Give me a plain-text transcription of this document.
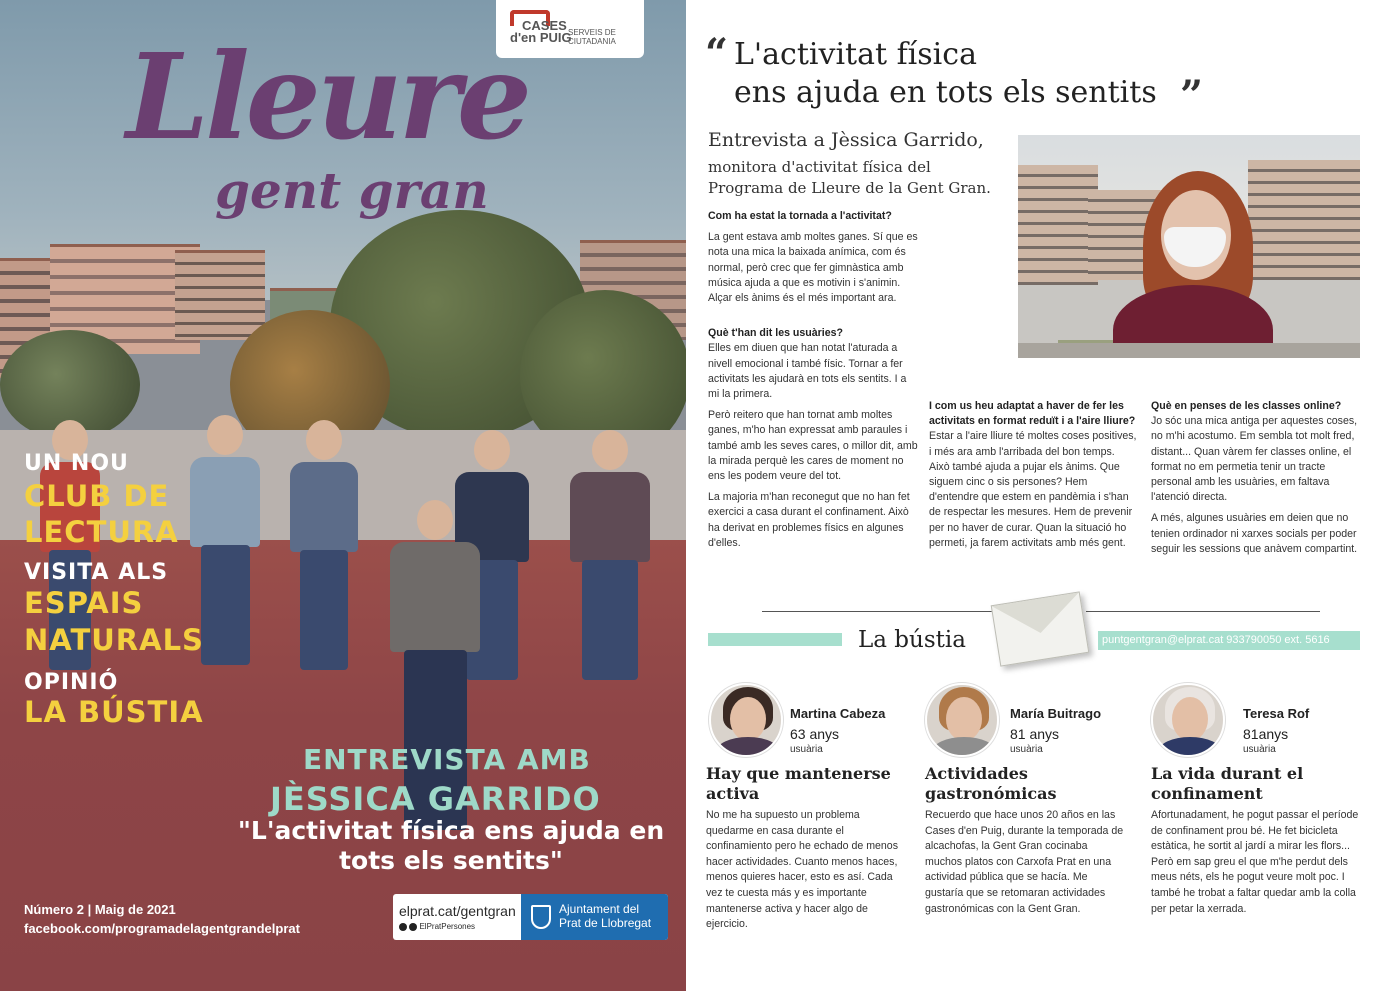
CASES
d'en PUIG
SERVEIS DE CIUTADANIA
Lleure
gent gran
UN NOU
CLUB DE
LECTURA
VISITA ALS
ESPAIS
NATURALS
OPINIÓ
LA BÚSTIA
ENTREVISTA AMB
JÈSSICA GARRIDO
"L'activitat física ens ajuda en tots els sentits"
Número 2 | Maig de 2021
facebook.com/programadelagentgrandelprat
elprat.cat/gentgran
ElPratPersones
Ajuntament del
Prat de Llobregat
“ L'activitat física
ens ajuda en tots els sentits ”
Entrevista a Jèssica Garrido,
monitora d'activitat física del
Programa de Lleure de la Gent Gran.

Com ha estat la tornada a l'activitat?

La gent estava amb moltes ganes. Sí que es nota una mica la baixada anímica, com és normal, però crec que fer gimnàstica amb música ajuda a que es motivin i s'animin. Alçar els ànims és el més important ara.

Què t'han dit les usuàries?

Elles em diuen que han notat l'aturada a nivell emocional i també físic. Tornar a fer activitats les ajudarà en tots els sentits. I a mi la primera.

Però reitero que han tornat amb moltes ganes, m'ho han expressat amb paraules i també amb les seves cares, o millor dit, amb la mirada perquè les cares de moment no ens les podem veure del tot.

La majoria m'han reconegut que no han fet exercici a casa durant el confinament. Això ha derivat en problemes físics en algunes d'elles.

I com us heu adaptat a haver de fer les activitats en format reduït i a l'aire lliure?

Estar a l'aire lliure té moltes coses positives, i més ara amb l'arribada del bon temps. Això també ajuda a pujar els ànims. Que siguem cinc o sis persones? Hem d'entendre que estem en pandèmia i s'han de respectar les mesures. Hem de prevenir per no haver de curar. Quan la situació ho permeti, ja farem activitats amb més gent.

Què en penses de les classes online?

Jo sóc una mica antiga per aquestes coses, no m'hi acostumo. Em sembla tot molt fred, distant... Quan vàrem fer classes online, el format no em permetia tenir un tracte personal amb les usuàries, em faltava l'atenció directa.

A més, algunes usuàries em deien que no tenien ordinador ni xarxes socials per poder seguir les sessions que anàvem compartint.

La bústia	puntgentgran@elprat.cat 933790050 ext. 5616
Martina Cabeza
63 anys
usuària
Hay que mantenerse activa
No me ha supuesto un problema quedarme en casa durante el confinamiento pero he echado de menos hacer actividades. Cuanto menos haces, menos quieres hacer, esto es así. Cada vez te cuesta más y es importante mantenerse activa y hacer algo de ejercicio.
María Buitrago
81 anys
usuària
Actividades gastronómicas
Recuerdo que hace unos 20 años en las Cases d'en Puig, durante la temporada de alcachofas, la Gent Gran cocinaba muchos platos con Carxofa Prat en una actividad pública que se hacía. Me gustaría que se retomaran actividades gastronómicas con la Gent Gran.
Teresa Rof
81anys
usuària
La vida durant el confinament
Afortunadament, he pogut passar el període de confinament prou bé. He fet bicicleta estàtica, he sortit al jardí a mirar les flors... Però em sap greu el que m'he perdut dels meus néts, els he pogut veure molt poc. I també he trobat a faltar quedar amb la colla per petar la xerrada.
